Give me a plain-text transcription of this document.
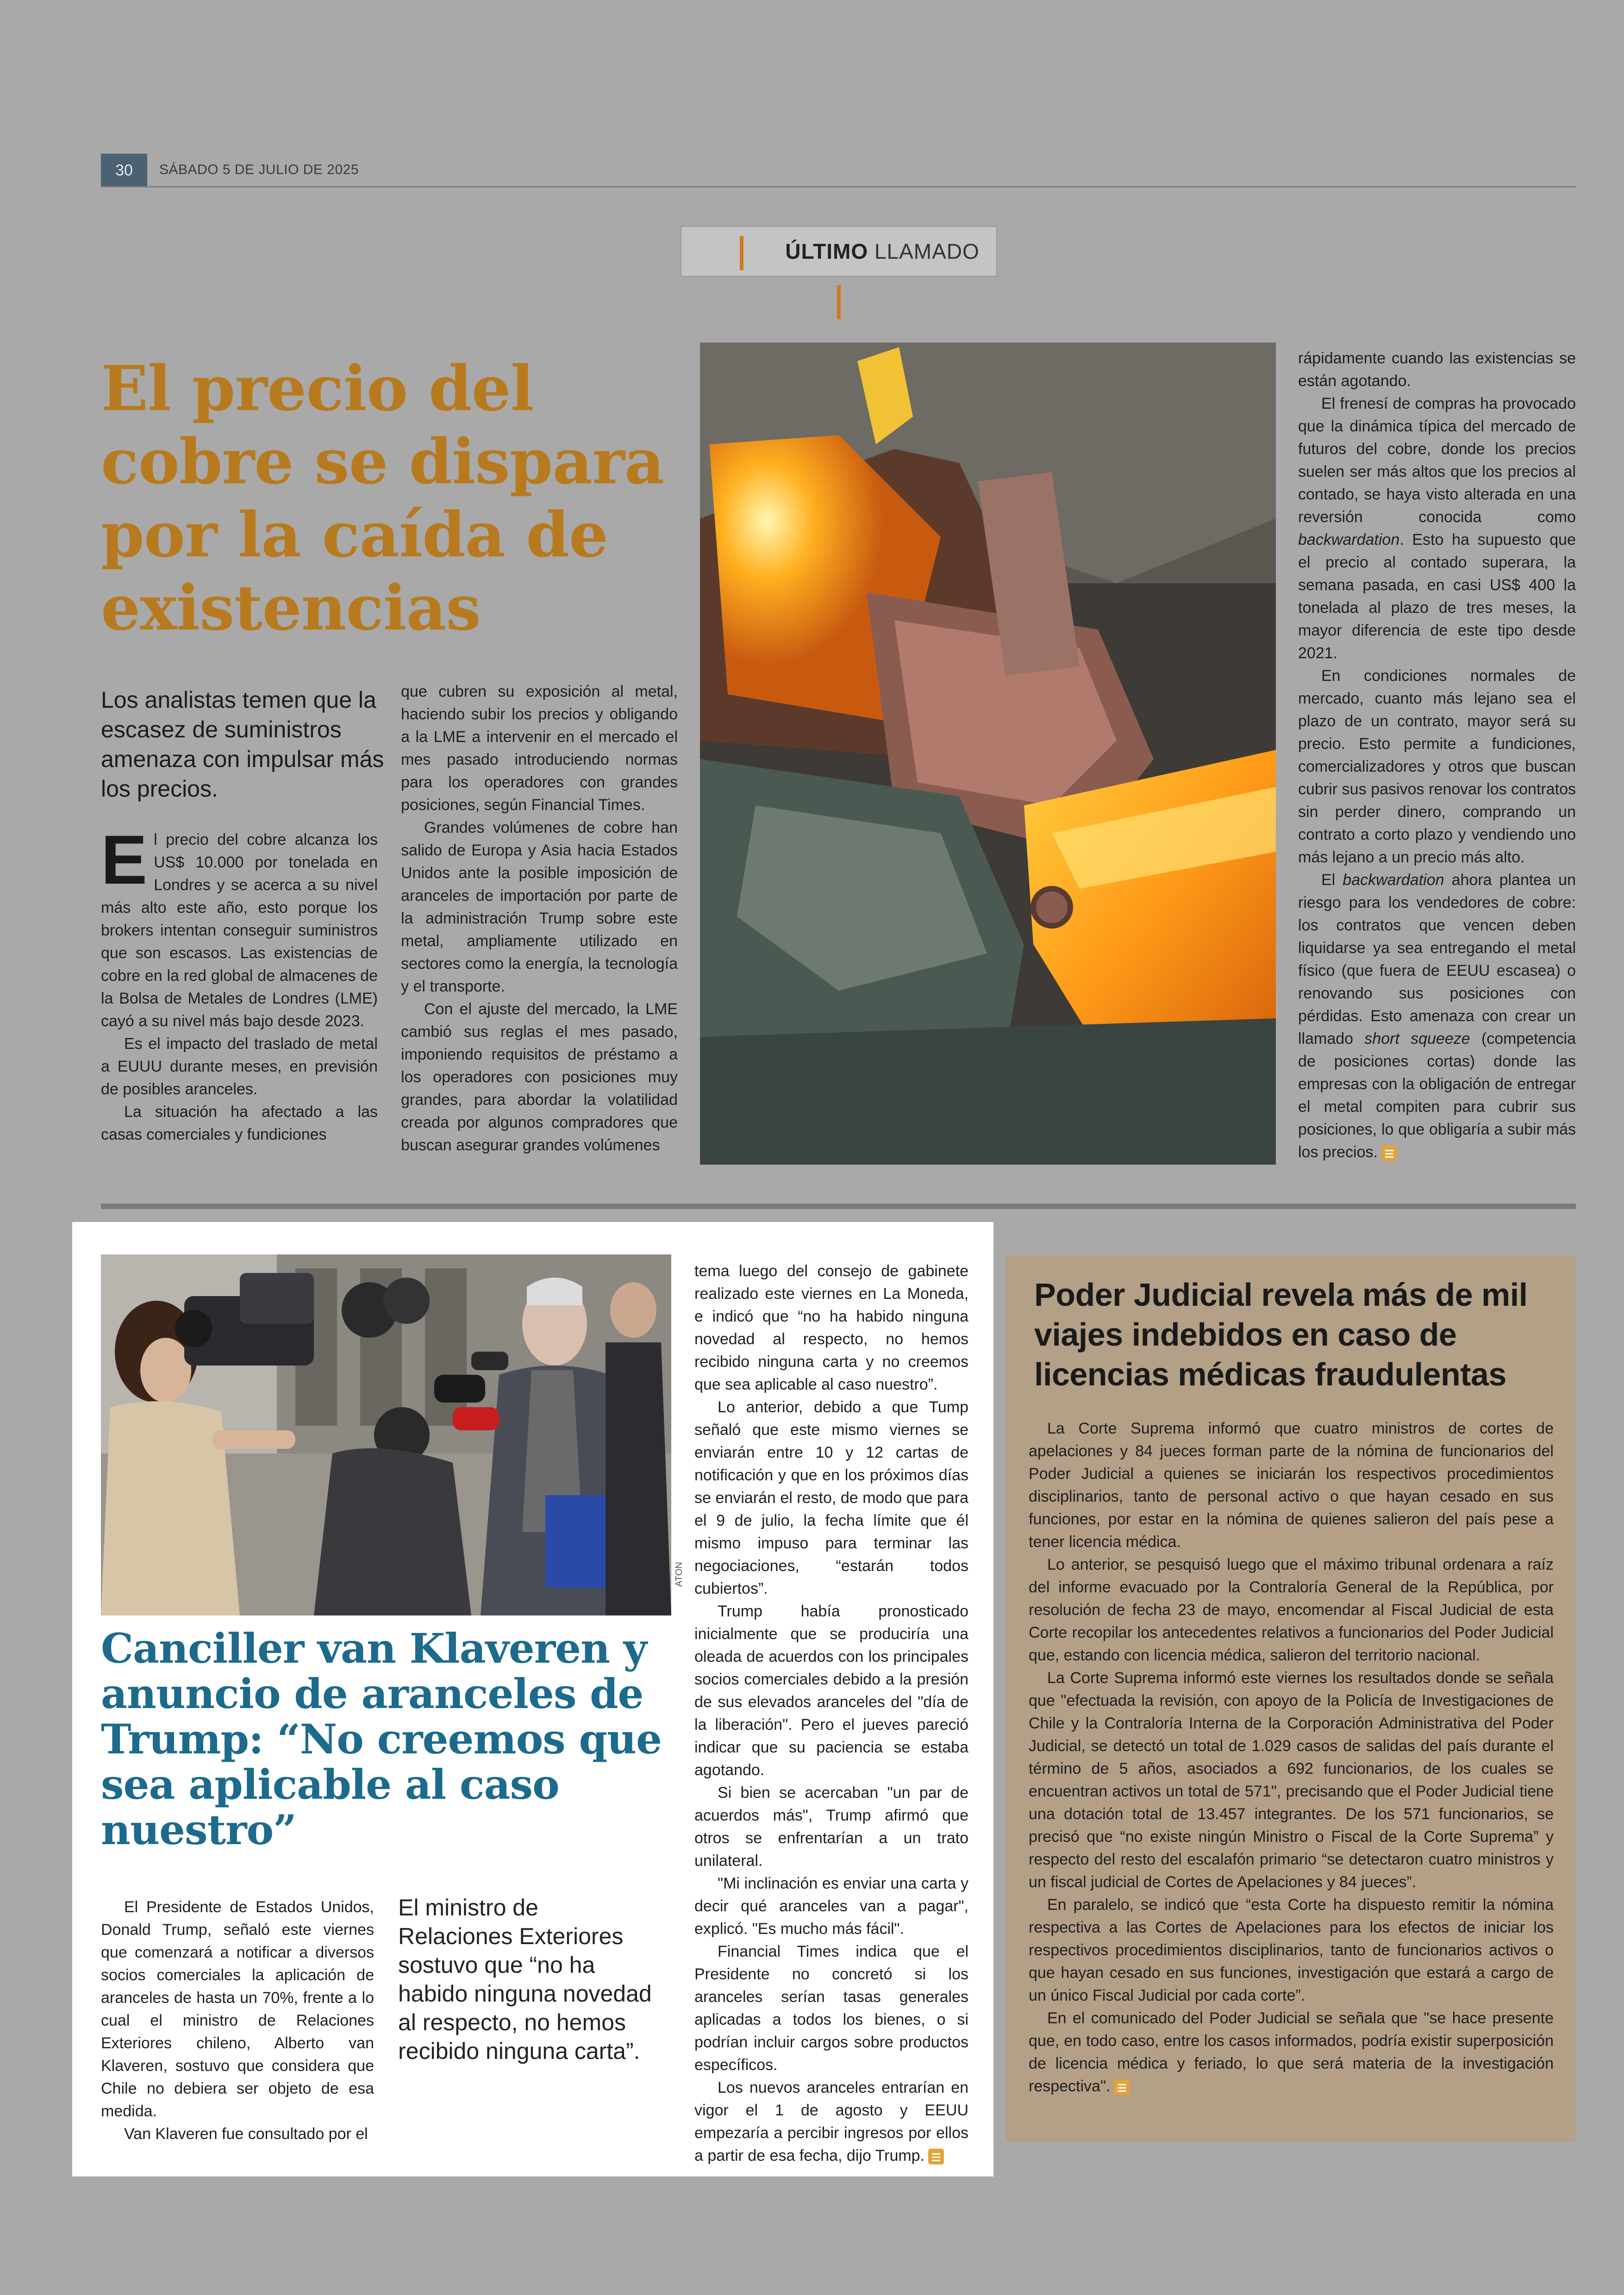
30	SÁBADO 5 DE JULIO DE 2025
ÚLTIMO LLAMADO
El precio del cobre se dispara por la caída de existencias
Los analistas temen que la escasez de suministros amenaza con impulsar más los precios.

El precio del cobre alcanza los US$ 10.000 por tonelada en Londres y se acerca a su nivel más alto este año, esto porque los brokers intentan conseguir suministros que son escasos. Las existencias de cobre en la red global de almacenes de la Bolsa de Metales de Londres (LME) cayó a su nivel más bajo desde 2023.

Es el impacto del traslado de metal a EUUU durante meses, en previsión de posibles aranceles.

La situación ha afectado a las casas comerciales y fundiciones

que cubren su exposición al metal, haciendo subir los precios y obligando a la LME a intervenir en el mercado el mes pasado introduciendo normas para los operadores con grandes posiciones, según Financial Times.

Grandes volúmenes de cobre han salido de Europa y Asia hacia Estados Unidos ante la posible imposición de aranceles de importación por parte de la administración Trump sobre este metal, ampliamente utilizado en sectores como la energía, la tecnología y el transporte.

Con el ajuste del mercado, la LME cambió sus reglas el mes pasado, imponiendo requisitos de préstamo a los operadores con posiciones muy grandes, para abordar la volatilidad creada por algunos compradores que buscan asegurar grandes volúmenes

rápidamente cuando las existencias se están agotando.

El frenesí de compras ha provocado que la dinámica típica del mercado de futuros del cobre, donde los precios suelen ser más altos que los precios al contado, se haya visto alterada en una reversión conocida como backwardation. Esto ha supuesto que el precio al contado superara, la semana pasada, en casi US$ 400 la tonelada al plazo de tres meses, la mayor diferencia de este tipo desde 2021.

En condiciones normales de mercado, cuanto más lejano sea el plazo de un contrato, mayor será su precio. Esto permite a fundiciones, comercializadores y otros que buscan cubrir sus pasivos renovar los contratos sin perder dinero, comprando un contrato a corto plazo y vendiendo uno más lejano a un precio más alto.

El backwardation ahora plantea un riesgo para los vendedores de cobre: los contratos que vencen deben liquidarse ya sea entregando el metal físico (que fuera de EEUU escasea) o renovando sus posiciones con pérdidas. Esto amenaza con crear un llamado short squeeze (competencia de posiciones cortas) donde las empresas con la obligación de entregar el metal compiten para cubrir sus posiciones, lo que obligaría a subir más los precios.

ATON
Canciller van Klaveren y anuncio de aranceles de Trump: “No creemos que sea aplicable al caso nuestro”

El Presidente de Estados Unidos, Donald Trump, señaló este viernes que comenzará a notificar a diversos socios comerciales la aplicación de aranceles de hasta un 70%, frente a lo cual el ministro de Relaciones Exteriores chileno, Alberto van Klaveren, sostuvo que considera que Chile no debiera ser objeto de esa medida.

Van Klaveren fue consultado por el

El ministro de Relaciones Exteriores sostuvo que “no ha habido ninguna novedad al respecto, no hemos recibido ninguna carta”.

tema luego del consejo de gabinete realizado este viernes en La Moneda, e indicó que “no ha habido ninguna novedad al respecto, no hemos recibido ninguna carta y no creemos que sea aplicable al caso nuestro”.

Lo anterior, debido a que Tump señaló que este mismo viernes se enviarán entre 10 y 12 cartas de notificación y que en los próximos días se enviarán el resto, de modo que para el 9 de julio, la fecha límite que él mismo impuso para terminar las negociaciones, “estarán todos cubiertos”.

Trump había pronosticado inicialmente que se produciría una oleada de acuerdos con los principales socios comerciales debido a la presión de sus elevados aranceles del "día de la liberación". Pero el jueves pareció indicar que su paciencia se estaba agotando.

Si bien se acercaban "un par de acuerdos más", Trump afirmó que otros se enfrentarían a un trato unilateral.

"Mi inclinación es enviar una carta y decir qué aranceles van a pagar", explicó. "Es mucho más fácil".

Financial Times indica que el Presidente no concretó si los aranceles serían tasas generales aplicadas a todos los bienes, o si podrían incluir cargos sobre productos específicos.

Los nuevos aranceles entrarían en vigor el 1 de agosto y EEUU empezaría a percibir ingresos por ellos a partir de esa fecha, dijo Trump.

Poder Judicial revela más de mil viajes indebidos en caso de licencias médicas fraudulentas

La Corte Suprema informó que cuatro ministros de cortes de apelaciones y 84 jueces forman parte de la nómina de funcionarios del Poder Judicial a quienes se iniciarán los respectivos procedimientos disciplinarios, tanto de personal activo o que hayan cesado en sus funciones, por estar en la nómina de quienes salieron del país pese a tener licencia médica.

Lo anterior, se pesquisó luego que el máximo tribunal ordenara a raíz del informe evacuado por la Contraloría General de la República, por resolución de fecha 23 de mayo, encomendar al Fiscal Judicial de esta Corte recopilar los antecedentes relativos a funcionarios del Poder Judicial que, estando con licencia médica, salieron del territorio nacional.

La Corte Suprema informó este viernes los resultados donde se señala que "efectuada la revisión, con apoyo de la Policía de Investigaciones de Chile y la Contraloría Interna de la Corporación Administrativa del Poder Judicial, se detectó un total de 1.029 casos de salidas del país durante el término de 5 años, asociados a 692 funcionarios, de los cuales se encuentran activos un total de 571", precisando que el Poder Judicial tiene una dotación total de 13.457 integrantes. De los 571 funcionarios, se precisó que “no existe ningún Ministro o Fiscal de la Corte Suprema” y respecto del resto del escalafón primario “se detectaron cuatro ministros y un fiscal judicial de Cortes de Apelaciones y 84 jueces”.

En paralelo, se indicó que “esta Corte ha dispuesto remitir la nómina respectiva a las Cortes de Apelaciones para los efectos de iniciar los respectivos procedimientos disciplinarios, tanto de funcionarios activos o que hayan cesado en sus funciones, investigación que estará a cargo de un único Fiscal Judicial por cada corte”.

En el comunicado del Poder Judicial se señala que "se hace presente que, en todo caso, entre los casos informados, podría existir superposición de licencia médica y feriado, lo que será materia de la investigación respectiva".
